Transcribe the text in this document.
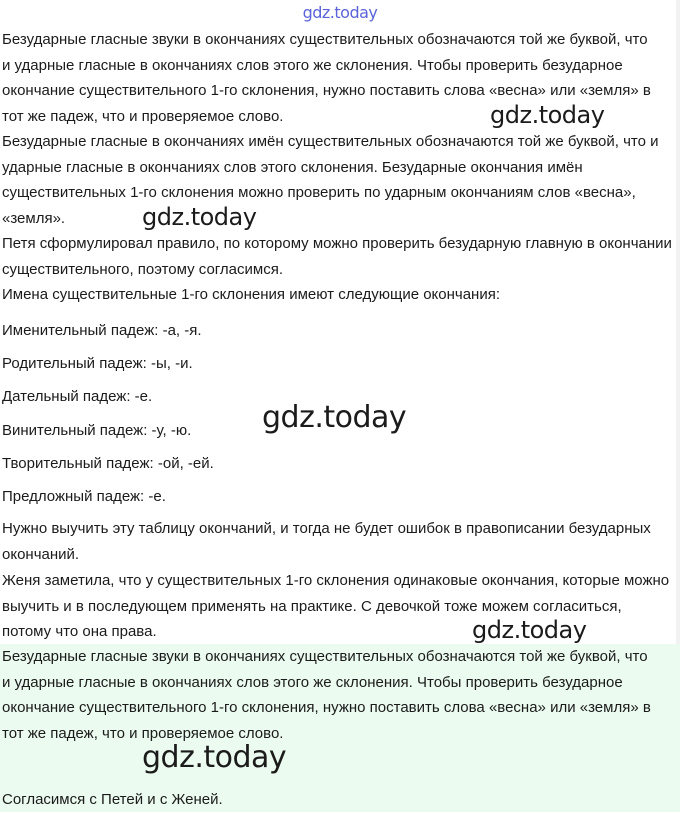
gdz.today

Безударные гласные звуки в окончаниях существительных обозначаются той же буквой, что и ударные гласные в окончаниях слов этого же склонения. Чтобы проверить безударное окончание существительного 1-го склонения, нужно поставить слова «весна» или «земля» в тот же падеж, что и проверяемое слово.

Безударные гласные в окончаниях имён существительных обозначаются той же буквой, что и ударные гласные в окончаниях слов этого склонения. Безударные окончания имён существительных 1-го склонения можно проверить по ударным окончаниям слов «весна», «земля».

Петя сформулировал правило, по которому можно проверить безударную главную в окончании существительного, поэтому согласимся.

Имена существительные 1-го склонения имеют следующие окончания:

Именительный падеж: -а, -я.

Родительный падеж: -ы, -и.

Дательный падеж: -е.

Винительный падеж: -у, -ю.

Творительный падеж: -ой, -ей.

Предложный падеж: -е.

Нужно выучить эту таблицу окончаний, и тогда не будет ошибок в правописании безударных окончаний.

Женя заметила, что у существительных 1-го склонения одинаковые окончания, которые можно выучить и в последующем применять на практике. С девочкой тоже можем согласиться, потому что она права.

Безударные гласные звуки в окончаниях существительных обозначаются той же буквой, что и ударные гласные в окончаниях слов этого же склонения. Чтобы проверить безударное окончание существительного 1-го склонения, нужно поставить слова «весна» или «земля» в тот же падеж, что и проверяемое слово.

Согласимся с Петей и с Женей.

gdz.today
gdz.today
gdz.today
gdz.today
gdz.today
